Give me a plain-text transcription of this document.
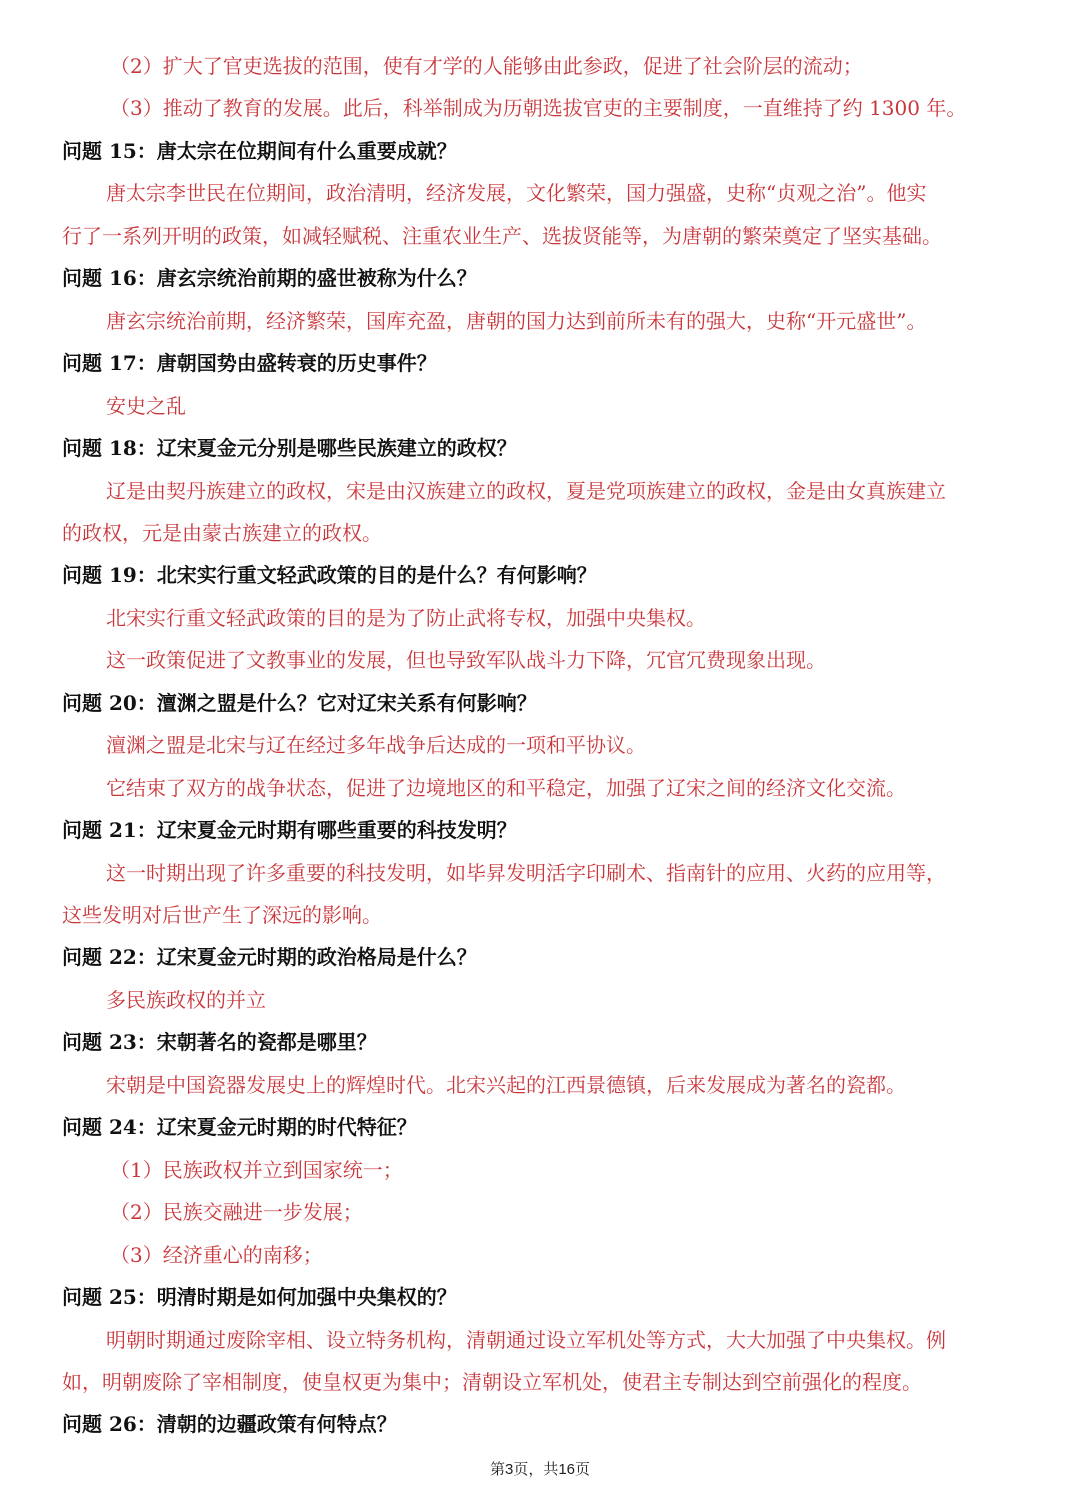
（2）扩大了官吏选拔的范围，使有才学的人能够由此参政，促进了社会阶层的流动；
（3）推动了教育的发展。此后，科举制成为历朝选拔官吏的主要制度，一直维持了约 1300 年。
问题 15：唐太宗在位期间有什么重要成就？
唐太宗李世民在位期间，政治清明，经济发展，文化繁荣，国力强盛，史称“贞观之治”。他实
行了一系列开明的政策，如减轻赋税、注重农业生产、选拔贤能等，为唐朝的繁荣奠定了坚实基础。
问题 16：唐玄宗统治前期的盛世被称为什么？
唐玄宗统治前期，经济繁荣，国库充盈，唐朝的国力达到前所未有的强大，史称“开元盛世”。
问题 17：唐朝国势由盛转衰的历史事件？
安史之乱
问题 18：辽宋夏金元分别是哪些民族建立的政权？
辽是由契丹族建立的政权，宋是由汉族建立的政权，夏是党项族建立的政权，金是由女真族建立
的政权，元是由蒙古族建立的政权。
问题 19：北宋实行重文轻武政策的目的是什么？有何影响？
北宋实行重文轻武政策的目的是为了防止武将专权，加强中央集权。
这一政策促进了文教事业的发展，但也导致军队战斗力下降，冗官冗费现象出现。
问题 20：澶渊之盟是什么？它对辽宋关系有何影响？
澶渊之盟是北宋与辽在经过多年战争后达成的一项和平协议。
它结束了双方的战争状态，促进了边境地区的和平稳定，加强了辽宋之间的经济文化交流。
问题 21：辽宋夏金元时期有哪些重要的科技发明？
这一时期出现了许多重要的科技发明，如毕昇发明活字印刷术、指南针的应用、火药的应用等，
这些发明对后世产生了深远的影响。
问题 22：辽宋夏金元时期的政治格局是什么？
多民族政权的并立
问题 23：宋朝著名的瓷都是哪里？
宋朝是中国瓷器发展史上的辉煌时代。北宋兴起的江西景德镇，后来发展成为著名的瓷都。
问题 24：辽宋夏金元时期的时代特征？
（1）民族政权并立到国家统一；
（2）民族交融进一步发展；
（3）经济重心的南移；
问题 25：明清时期是如何加强中央集权的？
明朝时期通过废除宰相、设立特务机构，清朝通过设立军机处等方式，大大加强了中央集权。例
如，明朝废除了宰相制度，使皇权更为集中；清朝设立军机处，使君主专制达到空前强化的程度。
问题 26：清朝的边疆政策有何特点？
第3页，共16页
